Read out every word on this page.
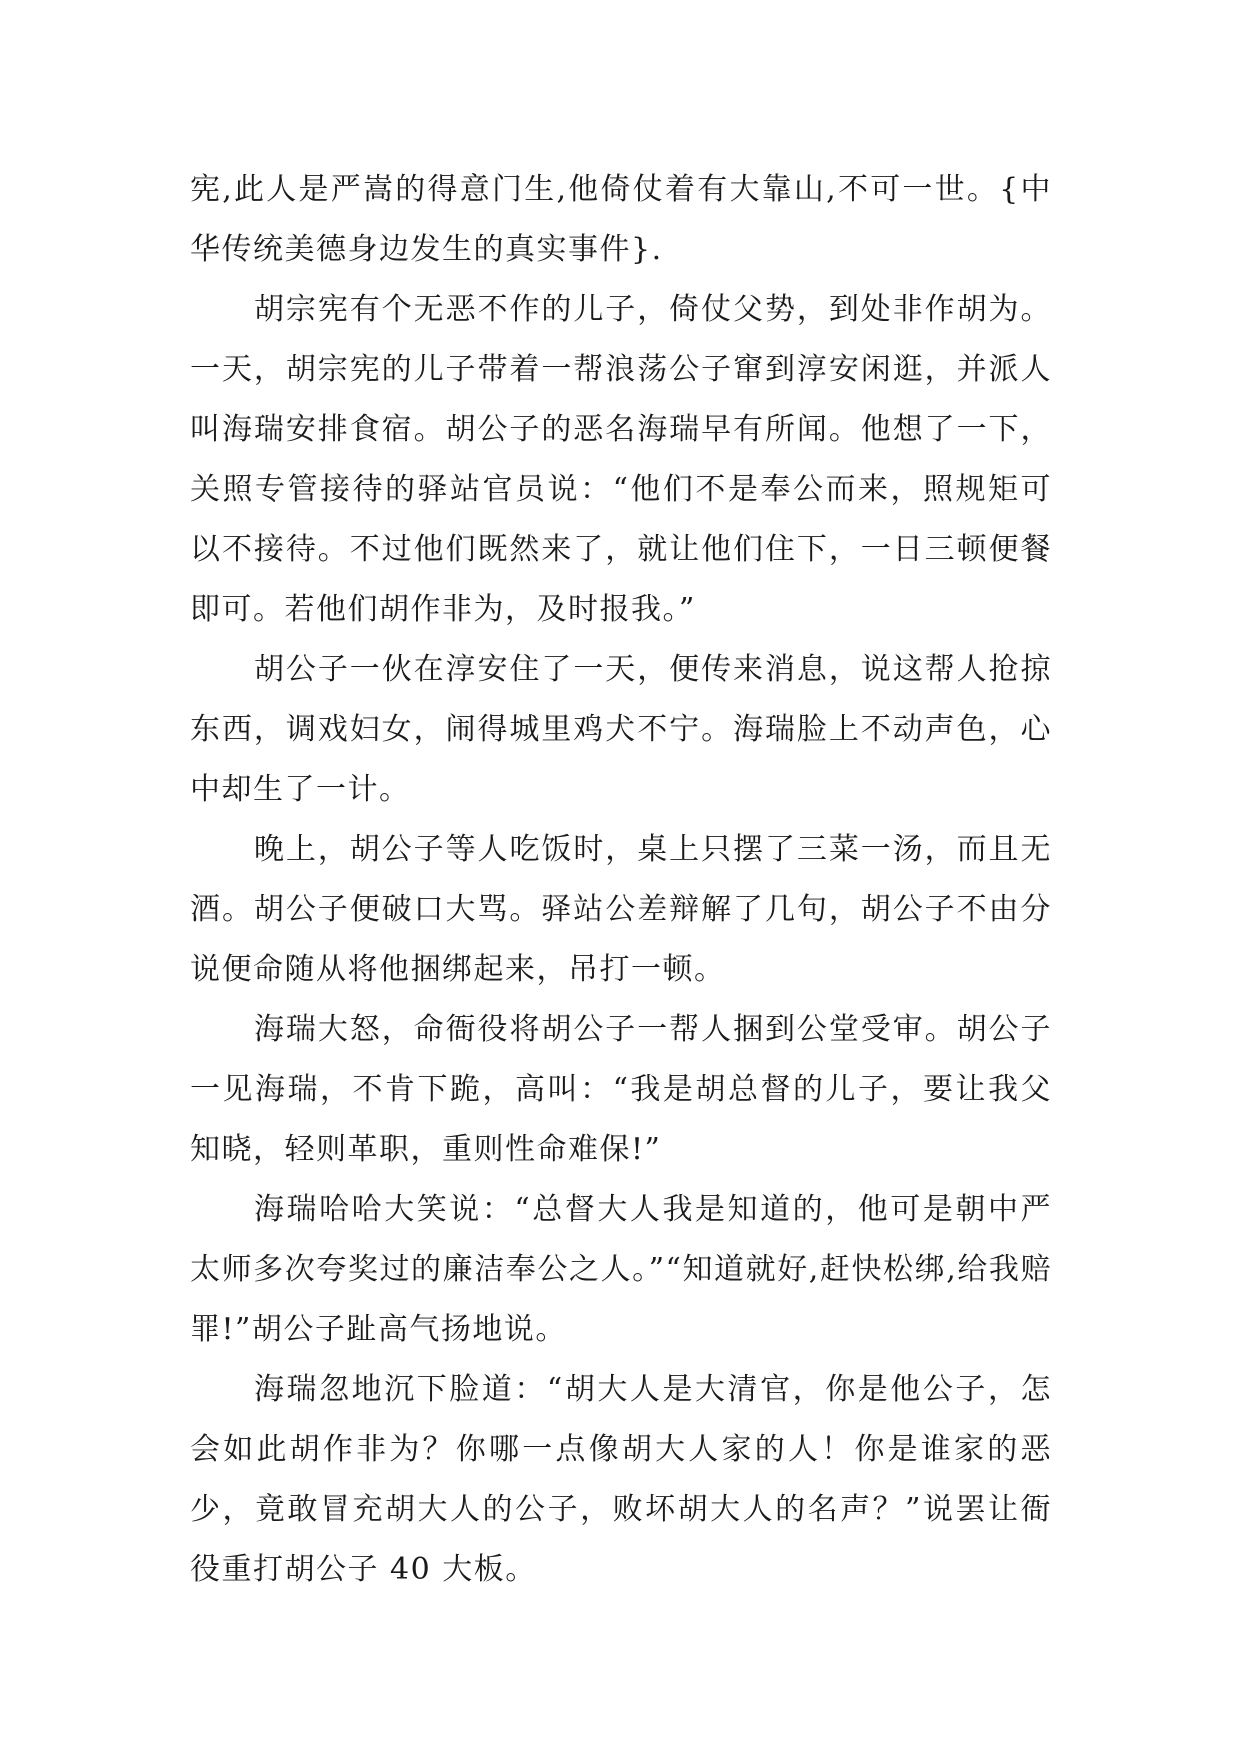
宪,此人是严嵩的得意门生,他倚仗着有大靠山,不可一世。{中华传统美德身边发生的真实事件}.

胡宗宪有个无恶不作的儿子，倚仗父势，到处非作胡为。一天，胡宗宪的儿子带着一帮浪荡公子窜到淳安闲逛，并派人叫海瑞安排食宿。胡公子的恶名海瑞早有所闻。他想了一下，关照专管接待的驿站官员说：“他们不是奉公而来，照规矩可以不接待。不过他们既然来了，就让他们住下，一日三顿便餐即可。若他们胡作非为，及时报我。”

胡公子一伙在淳安住了一天，便传来消息，说这帮人抢掠东西，调戏妇女，闹得城里鸡犬不宁。海瑞脸上不动声色，心中却生了一计。

晚上，胡公子等人吃饭时，桌上只摆了三菜一汤，而且无酒。胡公子便破口大骂。驿站公差辩解了几句，胡公子不由分说便命随从将他捆绑起来，吊打一顿。

海瑞大怒，命衙役将胡公子一帮人捆到公堂受审。胡公子一见海瑞，不肯下跪，高叫：“我是胡总督的儿子，要让我父知晓，轻则革职，重则性命难保!”

海瑞哈哈大笑说：“总督大人我是知道的，他可是朝中严太师多次夸奖过的廉洁奉公之人。”“知道就好,赶快松绑,给我赔罪!”胡公子趾高气扬地说。

海瑞忽地沉下脸道：“胡大人是大清官，你是他公子，怎会如此胡作非为？你哪一点像胡大人家的人！你是谁家的恶少，竟敢冒充胡大人的公子，败坏胡大人的名声？”说罢让衙役重打胡公子 40 大板。
